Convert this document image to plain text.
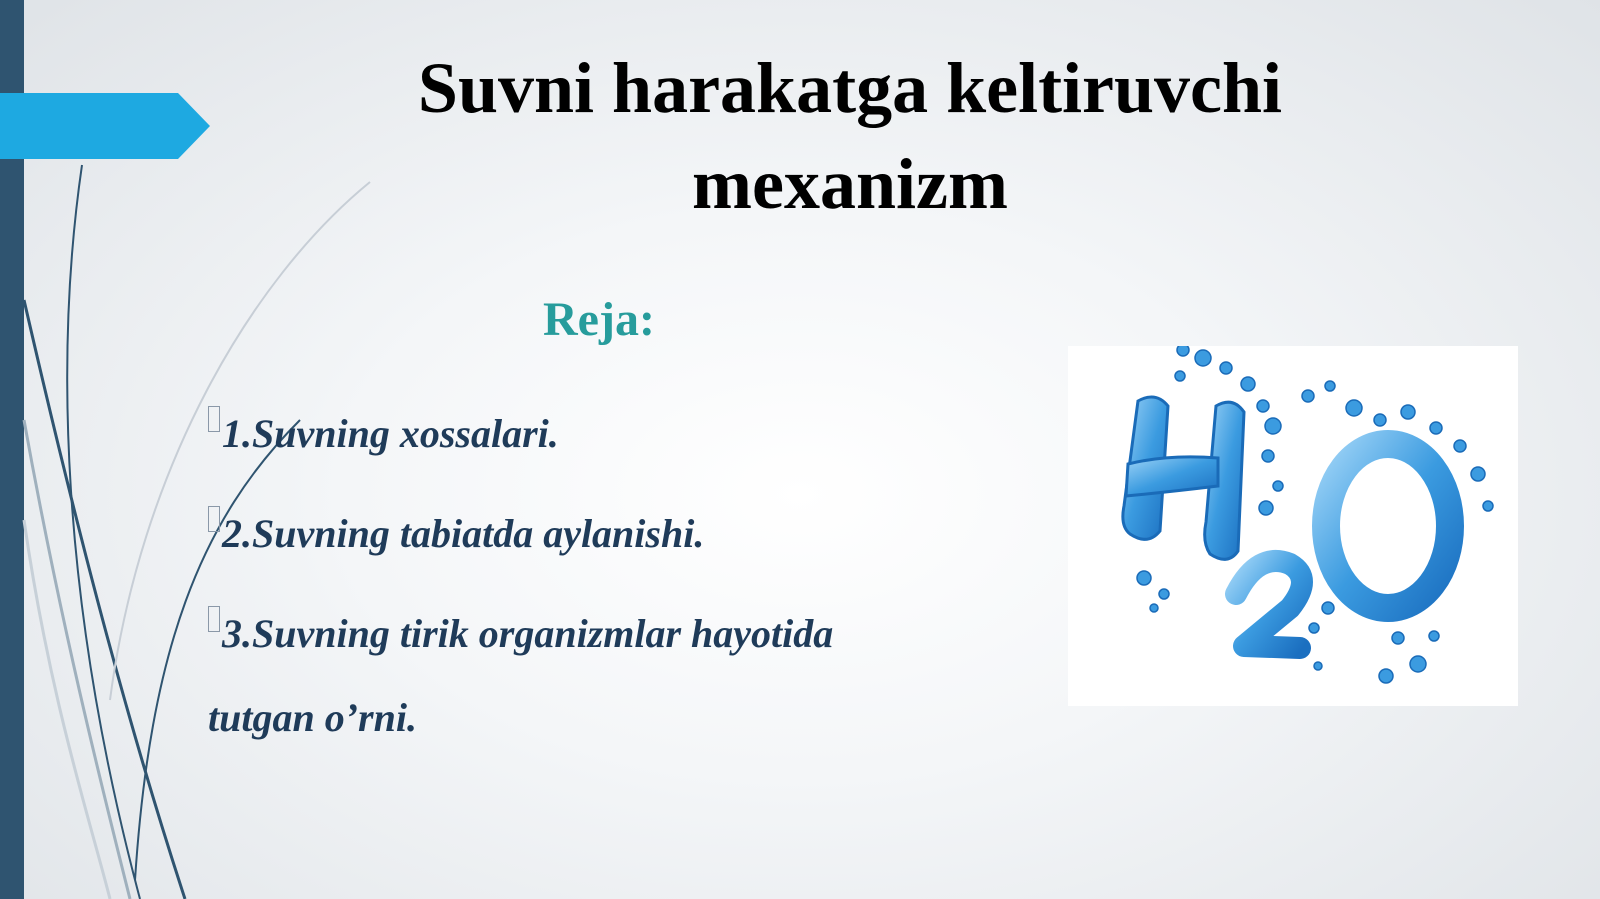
Suvni harakatga keltiruvchi
mexanizm
Reja:
1.Suvning xossalari.
2.Suvning tabiatda aylanishi.
3.Suvning tirik organizmlar hayotida tutgan o’rni.
